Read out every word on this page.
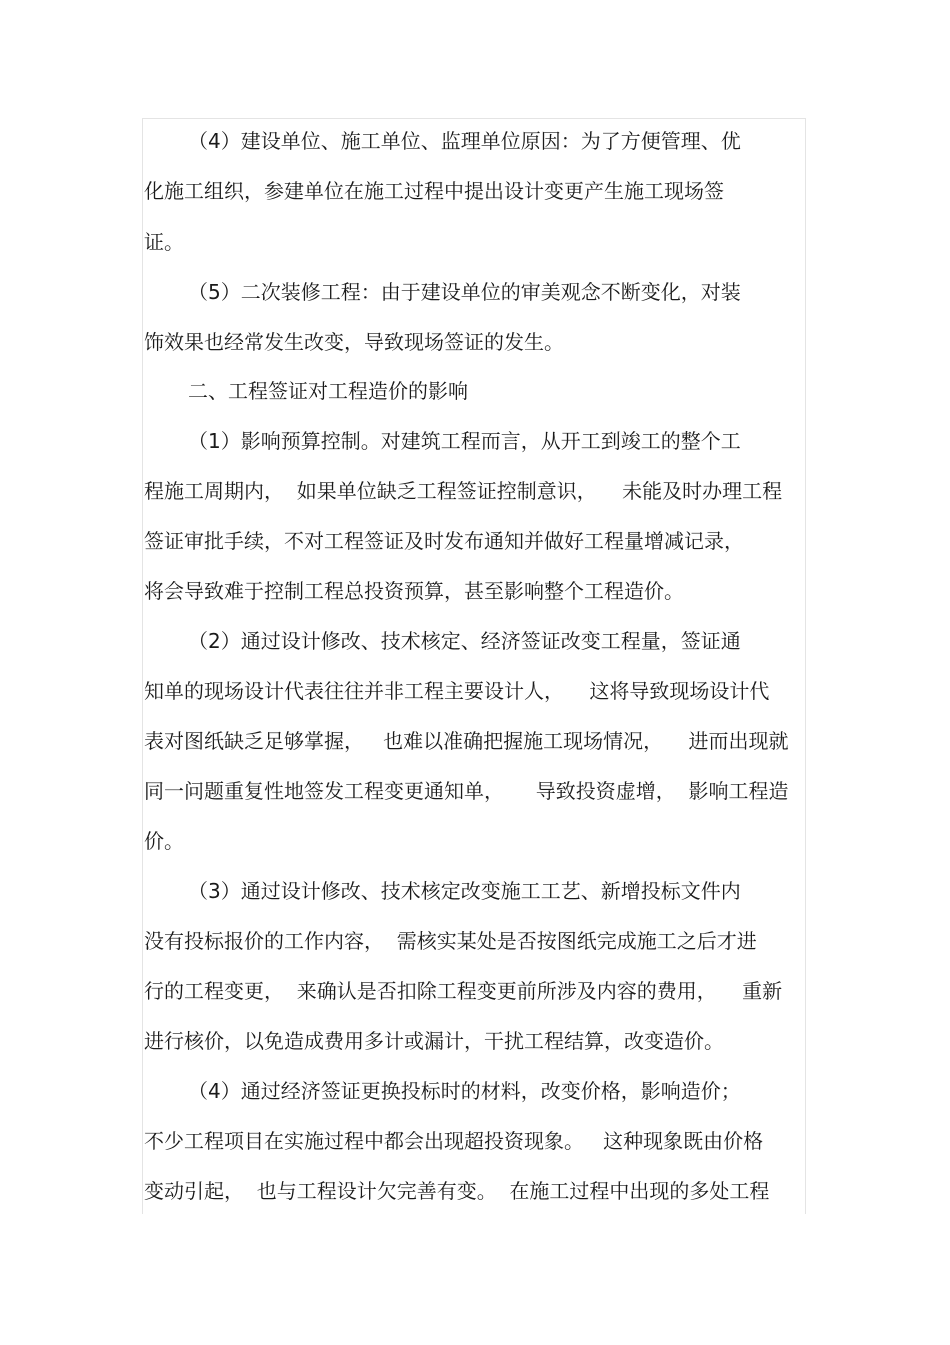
（4）建设单位、施工单位、监理单位原因：为了方便管理、优
化施工组织，参建单位在施工过程中提出设计变更产生施工现场签
证。
（5）二次装修工程：由于建设单位的审美观念不断变化，对装
饰效果也经常发生改变，导致现场签证的发生。
二、工程签证对工程造价的影响
（1）影响预算控制。对建筑工程而言，从开工到竣工的整个工
程施工周期内，  如果单位缺乏工程签证控制意识，    未能及时办理工程
签证审批手续，不对工程签证及时发布通知并做好工程量增减记录，
将会导致难于控制工程总投资预算，甚至影响整个工程造价。
（2）通过设计修改、技术核定、经济签证改变工程量，签证通
知单的现场设计代表往往并非工程主要设计人，    这将导致现场设计代
表对图纸缺乏足够掌握，   也难以准确把握施工现场情况，    进而出现就
同一问题重复性地签发工程变更通知单，     导致投资虚增，  影响工程造
价。
（3）通过设计修改、技术核定改变施工工艺、新增投标文件内
没有投标报价的工作内容，  需核实某处是否按图纸完成施工之后才进
行的工程变更，  来确认是否扣除工程变更前所涉及内容的费用，    重新
进行核价，以免造成费用多计或漏计，干扰工程结算，改变造价。
（4）通过经济签证更换投标时的材料，改变价格，影响造价；
不少工程项目在实施过程中都会出现超投资现象。   这种现象既由价格
变动引起，  也与工程设计欠完善有变。  在施工过程中出现的多处工程
